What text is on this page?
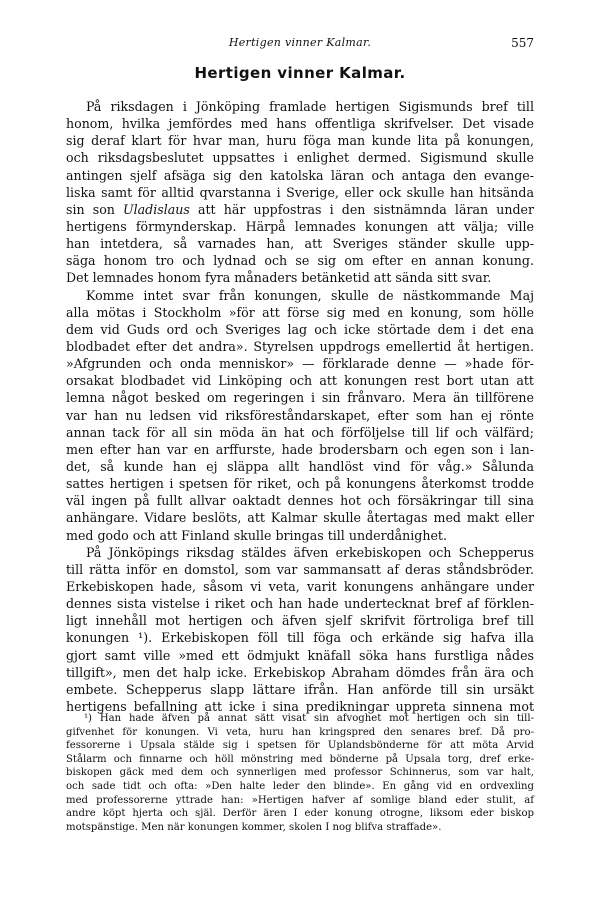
Hertigen vinner Kalmar.	557
Hertigen vinner Kalmar.
På riksdagen i Jönköping framlade hertigen Sigismunds bref till
honom, hvilka jemfördes med hans offentliga skrifvelser. Det visade
sig deraf klart för hvar man, huru föga man kunde lita på konungen,
och riksdagsbeslutet uppsattes i enlighet dermed. Sigismund skulle
antingen sjelf afsäga sig den katolska läran och antaga den evange-
liska samt för alltid qvarstanna i Sverige, eller ock skulle han hitsända
sin son Uladislaus att här uppfostras i den sistnämnda läran under
hertigens förmynderskap. Härpå lemnades konungen att välja; ville
han intetdera, så varnades han, att Sveriges ständer skulle upp-
säga honom tro och lydnad och se sig om efter en annan konung.
Det lemnades honom fyra månaders betänketid att sända sitt svar.
Komme intet svar från konungen, skulle de nästkommande Maj
alla mötas i Stockholm »för att förse sig med en konung, som hölle
dem vid Guds ord och Sveriges lag och icke störtade dem i det ena
blodbadet efter det andra». Styrelsen uppdrogs emellertid åt hertigen.
»Afgrunden och onda menniskor» — förklarade denne — »hade för-
orsakat blodbadet vid Linköping och att konungen rest bort utan att
lemna något besked om regeringen i sin frånvaro. Mera än tillförene
var han nu ledsen vid riksföreståndarskapet, efter som han ej rönte
annan tack för all sin möda än hat och förföljelse till lif och välfärd;
men efter han var en arffurste, hade brodersbarn och egen son i lan-
det, så kunde han ej släppa allt handlöst vind för våg.» Sålunda
sattes hertigen i spetsen för riket, och på konungens återkomst trodde
väl ingen på fullt allvar oaktadt dennes hot och försäkringar till sina
anhängare. Vidare beslöts, att Kalmar skulle återtagas med makt eller
med godo och att Finland skulle bringas till underdånighet.
På Jönköpings riksdag stäldes äfven erkebiskopen och Schepperus
till rätta inför en domstol, som var sammansatt af deras ståndsbröder.
Erkebiskopen hade, såsom vi veta, varit konungens anhängare under
dennes sista vistelse i riket och han hade undertecknat bref af förklen-
ligt innehåll mot hertigen och äfven sjelf skrifvit förtroliga bref till
konungen ¹). Erkebiskopen föll till föga och erkände sig hafva illa
gjort samt ville »med ett ödmjukt knäfall söka hans furstliga nådes
tillgift», men det halp icke. Erkebiskop Abraham dömdes från ära och
embete. Schepperus slapp lättare ifrån. Han anförde till sin ursäkt
hertigens befallning att icke i sina predikningar uppreta sinnena mot
¹) Han hade äfven på annat sätt visat sin afvoghet mot hertigen och sin till-
gifvenhet för konungen. Vi veta, huru han kringspred den senares bref. Då pro-
fessorerne i Upsala stälde sig i spetsen för Uplandsbönderne för att möta Arvid
Stålarm och finnarne och höll mönstring med bönderne på Upsala torg, dref erke-
biskopen gäck med dem och synnerligen med professor Schinnerus, som var halt,
och sade tidt och ofta: »Den halte leder den blinde». En gång vid en ordvexling
med professorerne yttrade han: »Hertigen hafver af somlige bland eder stulit, af
andre köpt hjerta och själ. Derför ären I eder konung otrogne, liksom eder biskop
motspänstige. Men när konungen kommer, skolen I nog blifva straffade».
